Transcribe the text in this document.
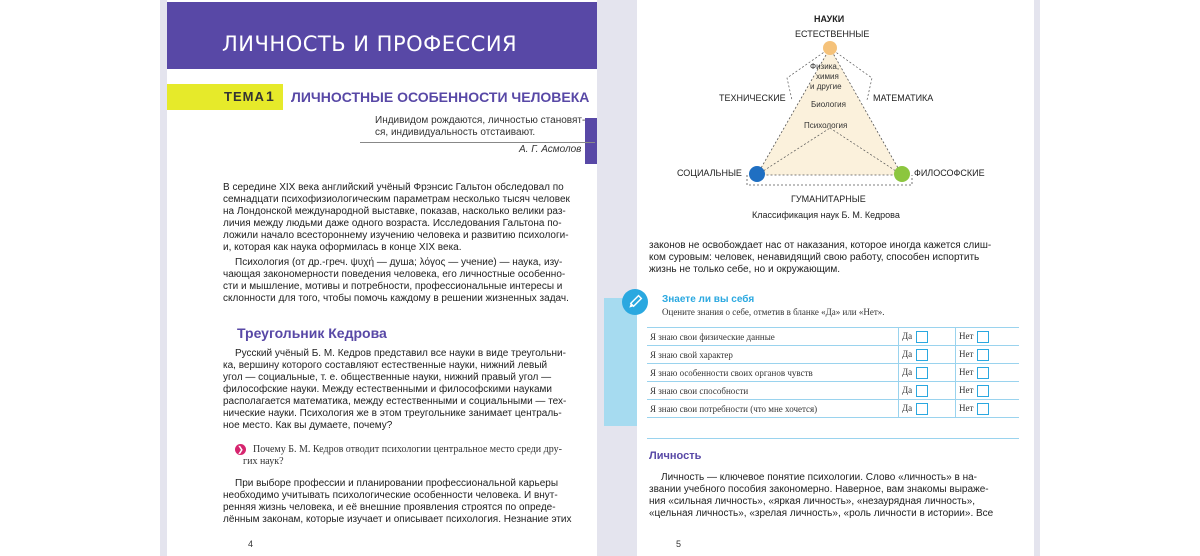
ЛИЧНОСТЬ И ПРОФЕССИЯ
ТЕМА 1 ЛИЧНОСТНЫЕ ОСОБЕННОСТИ ЧЕЛОВЕКА
Индивидом рождаются, личностью становят-
ся, индивидуальность отстаивают.
А. Г. Асмолов
В середине XIX века английский учёный Фрэнсис Гальтон обследовал по
семнадцати психофизиологическим параметрам несколько тысяч человек
на Лондонской международной выставке, показав, насколько велики раз-
личия между людьми даже одного возраста. Исследования Гальтона по-
ложили начало всестороннему изучению человека и развитию психологи-
и, которая как наука оформилась в конце XIX века.
Психология (от др.-греч. ψυχή — душа; λόγος — учение) — наука, изу-
чающая закономерности поведения человека, его личностные особенно-
сти и мышление, мотивы и потребности, профессиональные интересы и
склонности для того, чтобы помочь каждому в решении жизненных задач.
Треугольник Кедрова
Русский учёный Б. М. Кедров представил все науки в виде треугольни-
ка, вершину которого составляют естественные науки, нижний левый
угол — социальные, т. е. общественные науки, нижний правый угол —
философские науки. Между естественными и философскими науками
располагается математика, между естественными и социальными — тех-
нические науки. Психология же в этом треугольнике занимает централь-
ное место. Как вы думаете, почему?
❯ Почему Б. М. Кедров отводит психологии центральное место среди дру-
гих наук?
При выборе профессии и планировании профессиональной карьеры
необходимо учитывать психологические особенности человека. И внут-
ренняя жизнь человека, и её внешние проявления строятся по опреде-
лённым законам, которые изучает и описывает психология. Незнание этих
4
НАУКИ
ЕСТЕСТВЕННЫЕ
ТЕХНИЧЕСКИЕ	МАТЕМАТИКА
СОЦИАЛЬНЫЕ	ФИЛОСОФСКИЕ
ГУМАНИТАРНЫЕ
Физика,
химия
и другие
Биология
Психология
Классификация наук Б. М. Кедрова
законов не освобождает нас от наказания, которое иногда кажется слиш-
ком суровым: человек, ненавидящий свою работу, способен испортить
жизнь не только себе, но и окружающим.
Знаете ли вы себя
Оцените знания о себе, отметив в бланке «Да» или «Нет».
Я знаю свои физические данные	Да	Нет
Я знаю свой характер	Да	Нет
Я знаю особенности своих органов чувств	Да	Нет
Я знаю свои способности	Да	Нет
Я знаю свои потребности (что мне хочется)	Да	Нет
Личность
Личность — ключевое понятие психологии. Слово «личность» в на-
звании учебного пособия закономерно. Наверное, вам знакомы выраже-
ния «сильная личность», «яркая личность», «незаурядная личность»,
«цельная личность», «зрелая личность», «роль личности в истории». Все
5
